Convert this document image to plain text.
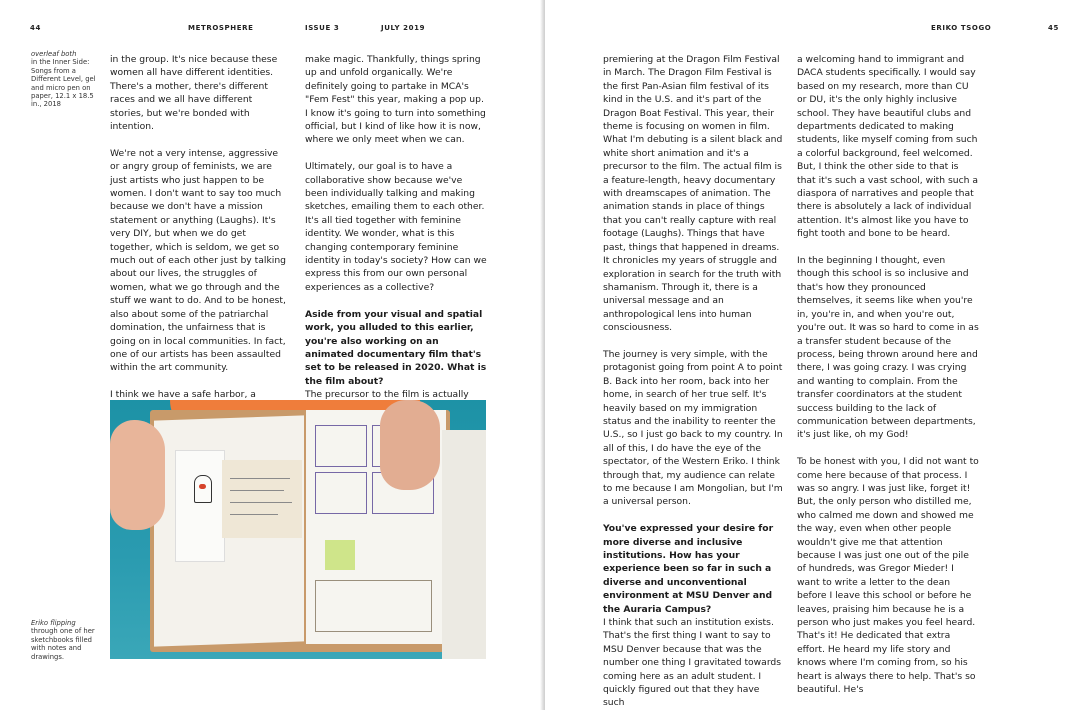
44	METROSPHERE	ISSUE 3	JULY 2019
overleaf both
in the Inner Side: Songs from a Different Level, gel and micro pen on paper, 12.1 x 18.5 in., 2018

in the group. It's nice because these women all have different identities. There's a mother, there's different races and we all have different stories, but we're bonded with intention.

We're not a very intense, aggressive or angry group of feminists, we are just artists who just happen to be women. I don't want to say too much because we don't have a mission statement or anything (Laughs). It's very DIY, but when we do get together, which is seldom, we get so much out of each other just by talking about our lives, the struggles of women, what we go through and the stuff we want to do. And to be honest, also about some of the patriarchal domination, the unfairness that is going on in local communities. In fact, one of our artists has been assaulted within the art community.

I think we have a safe harbor, a

make magic. Thankfully, things spring up and unfold organically. We're definitely going to partake in MCA's "Fem Fest" this year, making a pop up. I know it's going to turn into something official, but I kind of like how it is now, where we only meet when we can.

Ultimately, our goal is to have a collaborative show because we've been individually talking and making sketches, emailing them to each other. It's all tied together with feminine identity. We wonder, what is this changing contemporary feminine identity in today's society? How can we express this from our own personal experiences as a collective?

Aside from your visual and spatial work, you alluded to this earlier, you're also working on an animated documentary film that's set to be released in 2020. What is the film about?

The precursor to the film is actually

Eriko flipping
through one of her sketchbooks filled with notes and drawings.
ERIKO TSOGO	45

premiering at the Dragon Film Festival in March. The Dragon Film Festival is the first Pan-Asian film festival of its kind in the U.S. and it's part of the Dragon Boat Festival. This year, their theme is focusing on women in film. What I'm debuting is a silent black and white short animation and it's a precursor to the film. The actual film is a feature-length, heavy documentary with dreamscapes of animation. The animation stands in place of things that you can't really capture with real footage (Laughs). Things that have past, things that happened in dreams. It chronicles my years of struggle and exploration in search for the truth with shamanism. Through it, there is a universal message and an anthropological lens into human consciousness.

The journey is very simple, with the protagonist going from point A to point B. Back into her room, back into her home, in search of her true self. It's heavily based on my immigration status and the inability to reenter the U.S., so I just go back to my country. In all of this, I do have the eye of the spectator, of the Western Eriko. I think through that, my audience can relate to me because I am Mongolian, but I'm a universal person.

You've expressed your desire for more diverse and inclusive institutions. How has your experience been so far in such a diverse and unconventional environment at MSU Denver and the Auraria Campus?

I think that such an institution exists. That's the first thing I want to say to MSU Denver because that was the number one thing I gravitated towards coming here as an adult student. I quickly figured out that they have such

a welcoming hand to immigrant and DACA students specifically. I would say based on my research, more than CU or DU, it's the only highly inclusive school. They have beautiful clubs and departments dedicated to making students, like myself coming from such a colorful background, feel welcomed. But, I think the other side to that is that it's such a vast school, with such a diaspora of narratives and people that there is absolutely a lack of individual attention. It's almost like you have to fight tooth and bone to be heard.

In the beginning I thought, even though this school is so inclusive and that's how they pronounced themselves, it seems like when you're in, you're in, and when you're out, you're out. It was so hard to come in as a transfer student because of the process, being thrown around here and there, I was going crazy. I was crying and wanting to complain. From the transfer coordinators at the student success building to the lack of communication between departments, it's just like, oh my God!

To be honest with you, I did not want to come here because of that process. I was so angry. I was just like, forget it! But, the only person who distilled me, who calmed me down and showed me the way, even when other people wouldn't give me that attention because I was just one out of the pile of hundreds, was Gregor Mieder! I want to write a letter to the dean before I leave this school or before he leaves, praising him because he is a person who just makes you feel heard. That's it! He dedicated that extra effort. He heard my life story and knows where I'm coming from, so his heart is always there to help. That's so beautiful. He's
